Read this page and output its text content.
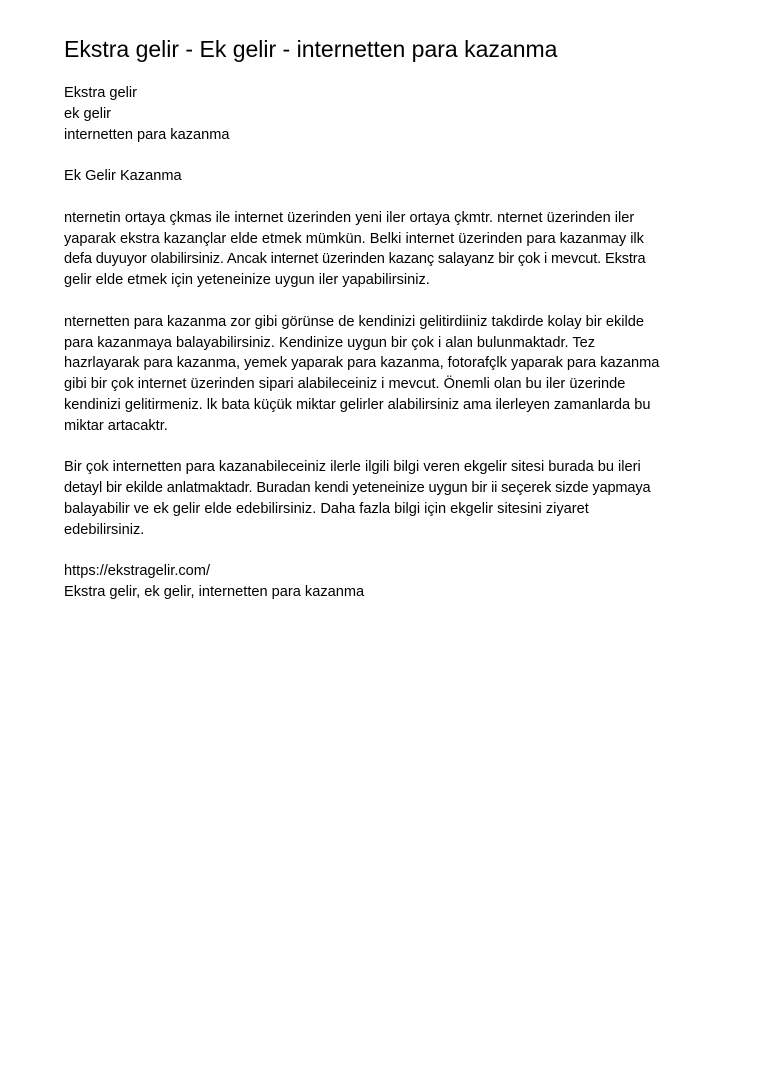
Ekstra gelir - Ek gelir - internetten para kazanma
Ekstra gelir
ek gelir
internetten para kazanma
Ek Gelir Kazanma
nternetin ortaya çkmas ile internet üzerinden yeni iler ortaya çkmtr. nternet üzerinden iler
yaparak ekstra kazançlar elde etmek mümkün. Belki internet üzerinden para kazanmay ilk
defa duyuyor olabilirsiniz. Ancak internet üzerinden kazanç salayanz bir çok i mevcut. Ekstra
gelir elde etmek için yeteneinize uygun iler yapabilirsiniz.
nternetten para kazanma zor gibi görünse de kendinizi gelitirdiiniz takdirde kolay bir ekilde
para kazanmaya balayabilirsiniz. Kendinize uygun bir çok i alan bulunmaktadr. Tez
hazrlayarak para kazanma, yemek yaparak para kazanma, fotorafçlk yaparak para kazanma
gibi bir çok internet üzerinden sipari alabileceiniz i mevcut. Önemli olan bu iler üzerinde
kendinizi gelitirmeniz. lk bata küçük miktar gelirler alabilirsiniz ama ilerleyen zamanlarda bu
miktar artacaktr.
Bir çok internetten para kazanabileceiniz ilerle ilgili bilgi veren ekgelir sitesi burada bu ileri
detayl bir ekilde anlatmaktadr. Buradan kendi yeteneinize uygun bir ii seçerek sizde yapmaya
balayabilir ve ek gelir elde edebilirsiniz. Daha fazla bilgi için ekgelir sitesini ziyaret
edebilirsiniz.
https://ekstragelir.com/
Ekstra gelir, ek gelir, internetten para kazanma
